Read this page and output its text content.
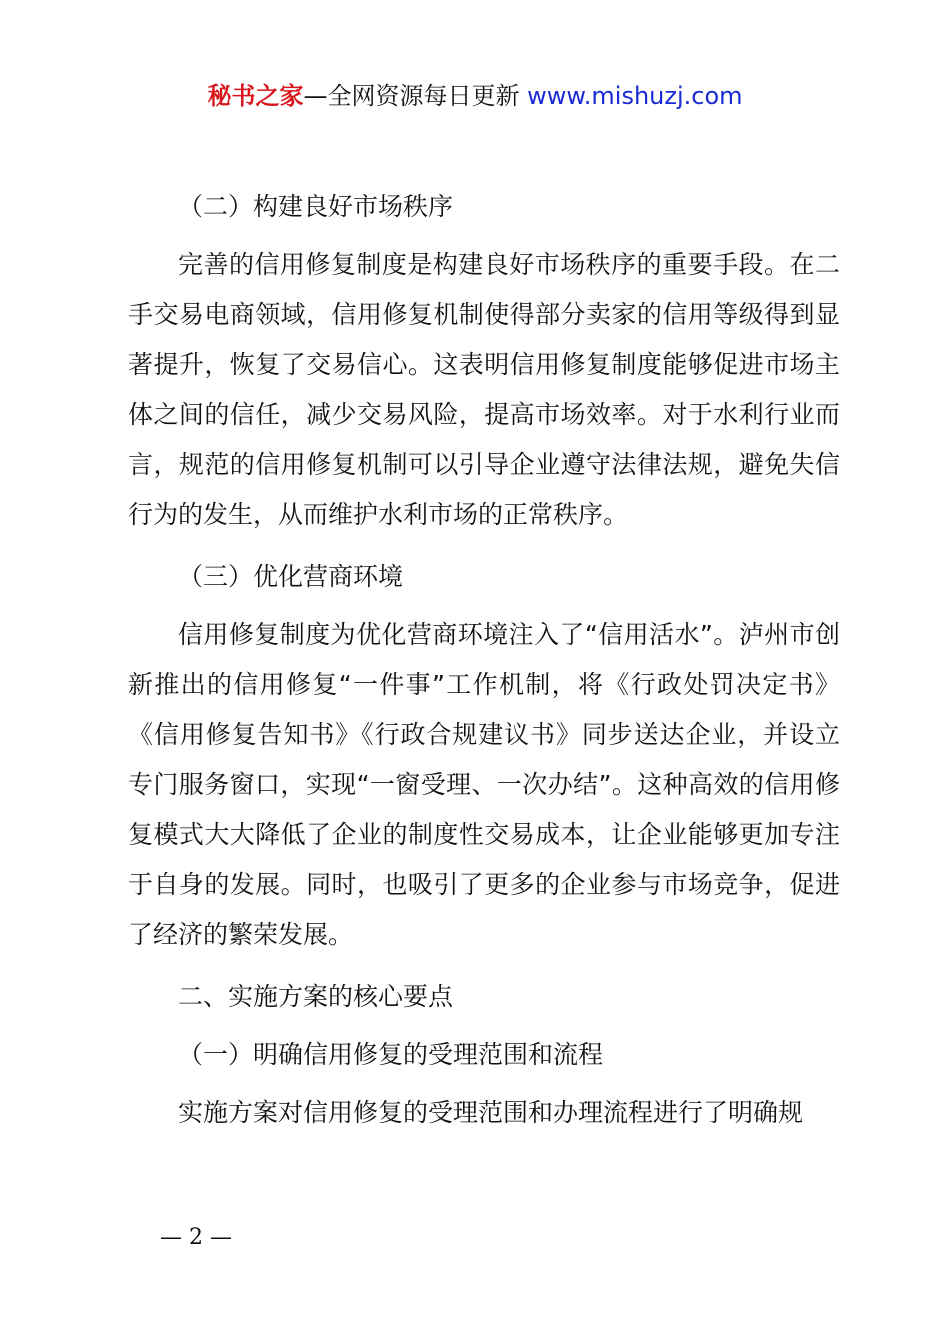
秘书之家—全网资源每日更新 www.mishuzj.com

（二）构建良好市场秩序

完善的信用修复制度是构建良好市场秩序的重要手段。在二手交易电商领域，信用修复机制使得部分卖家的信用等级得到显著提升，恢复了交易信心。这表明信用修复制度能够促进市场主体之间的信任，减少交易风险，提高市场效率。对于水利行业而言，规范的信用修复机制可以引导企业遵守法律法规，避免失信行为的发生，从而维护水利市场的正常秩序。

（三）优化营商环境

信用修复制度为优化营商环境注入了“信用活水”。泸州市创新推出的信用修复“一件事”工作机制，将《行政处罚决定书》《信用修复告知书》《行政合规建议书》同步送达企业，并设立专门服务窗口，实现“一窗受理、一次办结”。这种高效的信用修复模式大大降低了企业的制度性交易成本，让企业能够更加专注于自身的发展。同时，也吸引了更多的企业参与市场竞争，促进了经济的繁荣发展。

二、实施方案的核心要点

（一）明确信用修复的受理范围和流程

实施方案对信用修复的受理范围和办理流程进行了明确规

— 2 —
